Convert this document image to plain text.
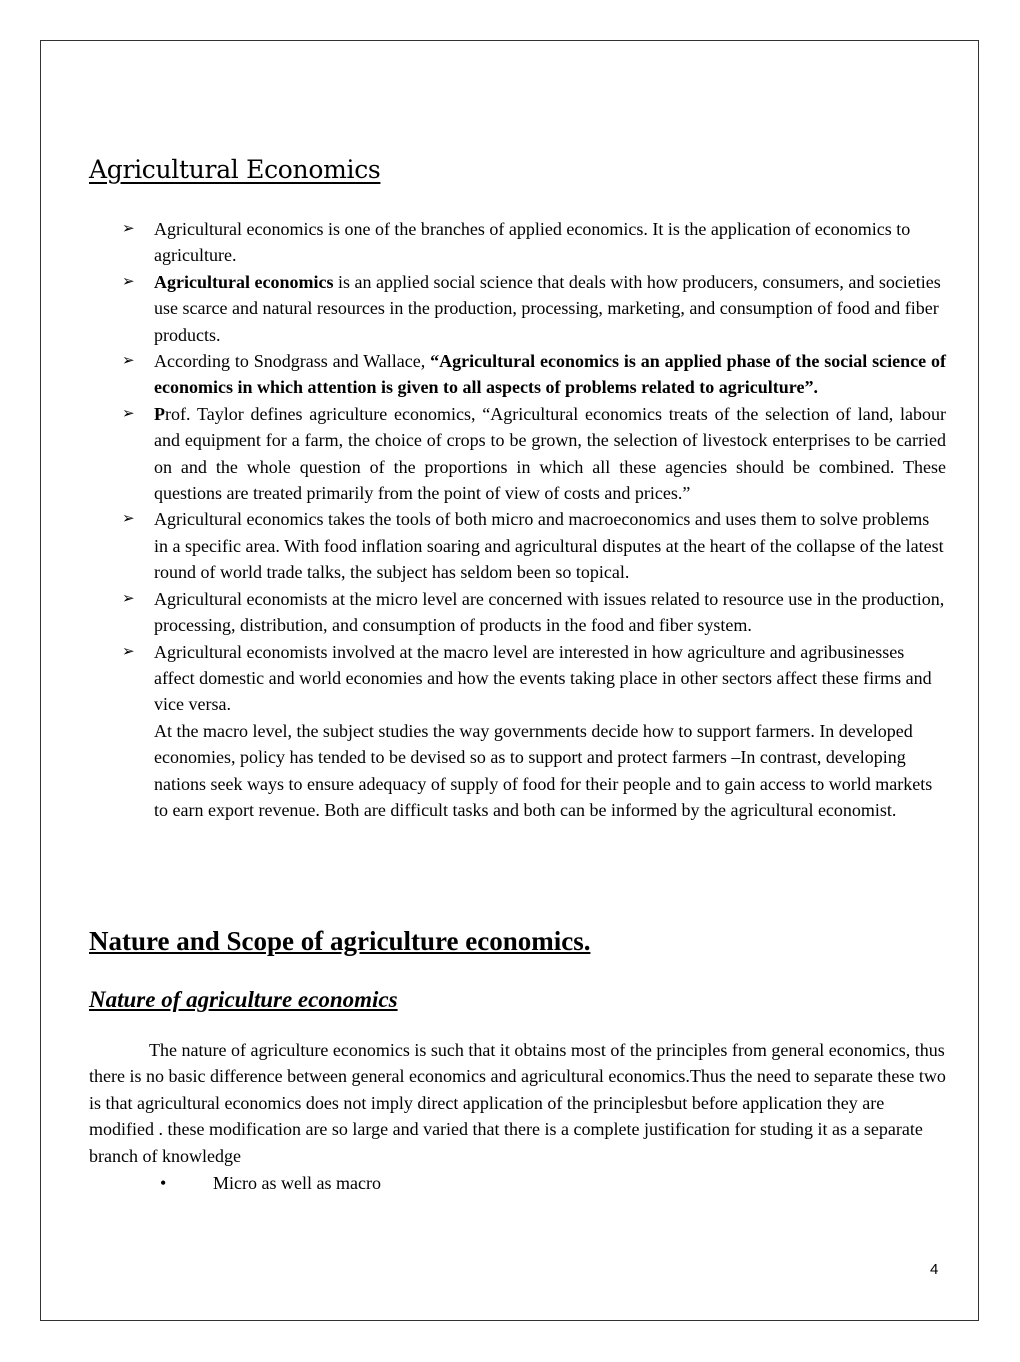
Agricultural Economics
➢ Agricultural economics is one of the branches of applied economics. It is the application of economics to agriculture.
➢ Agricultural economics is an applied social science that deals with how producers, consumers, and societies use scarce and natural resources in the production, processing, marketing, and consumption of food and fiber products.
➢ According to Snodgrass and Wallace, “Agricultural economics is an applied phase of the social science of economics in which attention is given to all aspects of problems related to agriculture”.
➢ Prof. Taylor defines agriculture economics, “Agricultural economics treats of the selection of land, labour and equipment for a farm, the choice of crops to be grown, the selection of livestock enterprises to be carried on and the whole question of the proportions in which all these agencies should be combined. These questions are treated primarily from the point of view of costs and prices.”
➢ Agricultural economics takes the tools of both micro and macroeconomics and uses them to solve problems in a specific area. With food inflation soaring and agricultural disputes at the heart of the collapse of the latest round of world trade talks, the subject has seldom been so topical.
➢ Agricultural economists at the micro level are concerned with issues related to resource use in the production, processing, distribution, and consumption of products in the food and fiber system.
➢ Agricultural economists involved at the macro level are interested in how agriculture and agribusinesses affect domestic and world economies and how the events taking place in other sectors affect these firms and vice versa.
At the macro level, the subject studies the way governments decide how to support farmers. In developed economies, policy has tended to be devised so as to support and protect farmers –In contrast, developing nations seek ways to ensure adequacy of supply of food for their people and to gain access to world markets to earn export revenue. Both are difficult tasks and both can be informed by the agricultural economist.
Nature and Scope of agriculture economics.
Nature of agriculture economics

The nature of agriculture economics is such that it obtains most of the principles from general economics, thus there is no basic difference between general economics and agricultural economics.Thus the need to separate these two is that agricultural economics does not imply direct application of the principlesbut before application they are modified . these modification are so large and varied that there is a complete justification for studing it as a separate branch of knowledge

•	Micro as well as macro
4
